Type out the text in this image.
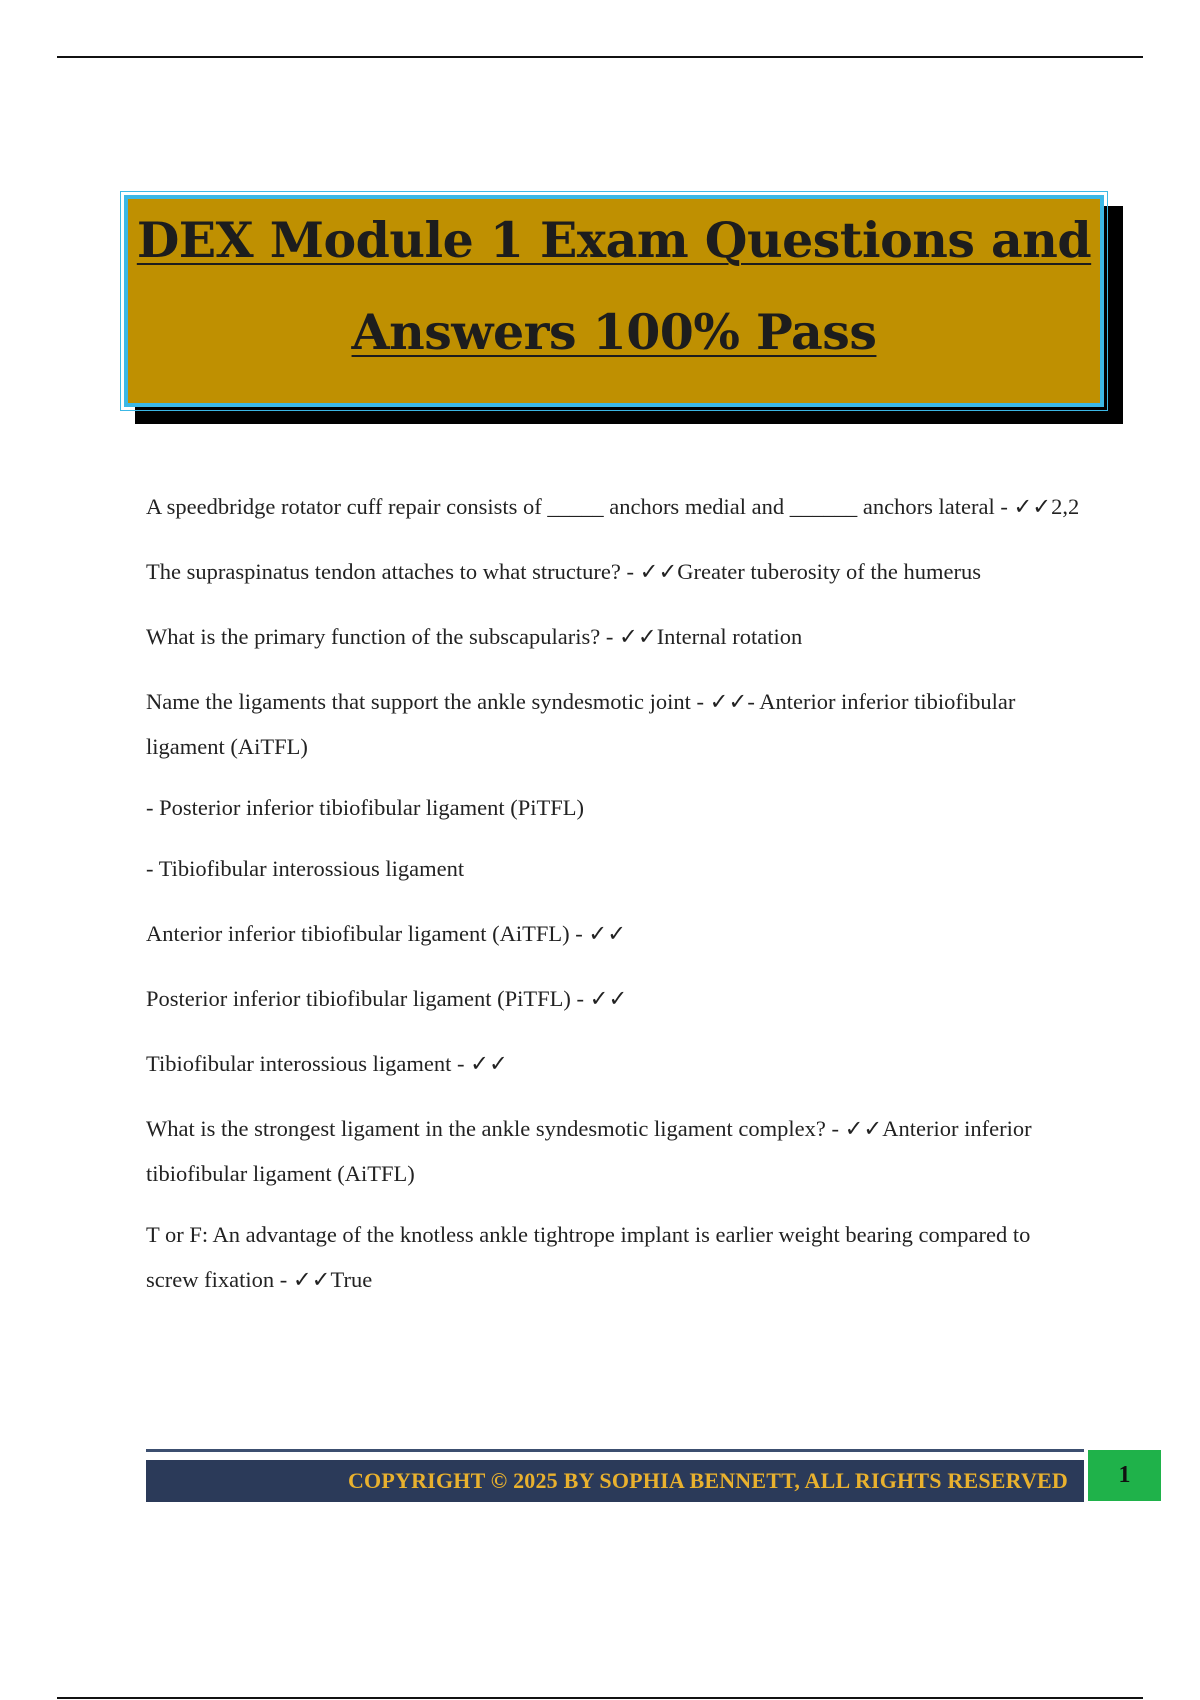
DEX Module 1 Exam Questions and
Answers 100% Pass

A speedbridge rotator cuff repair consists of _____ anchors medial and ______ anchors lateral - ✓✓2,2

The supraspinatus tendon attaches to what structure? - ✓✓Greater tuberosity of the humerus

What is the primary function of the subscapularis? - ✓✓Internal rotation

Name the ligaments that support the ankle syndesmotic joint - ✓✓- Anterior inferior tibiofibular ligament (AiTFL)

- Posterior inferior tibiofibular ligament (PiTFL)

- Tibiofibular interossious ligament

Anterior inferior tibiofibular ligament (AiTFL) - ✓✓

Posterior inferior tibiofibular ligament (PiTFL) - ✓✓

Tibiofibular interossious ligament - ✓✓

What is the strongest ligament in the ankle syndesmotic ligament complex? - ✓✓Anterior inferior tibiofibular ligament (AiTFL)

T or F: An advantage of the knotless ankle tightrope implant is earlier weight bearing compared to screw fixation - ✓✓True

COPYRIGHT © 2025 BY SOPHIA BENNETT, ALL RIGHTS RESERVED	1
